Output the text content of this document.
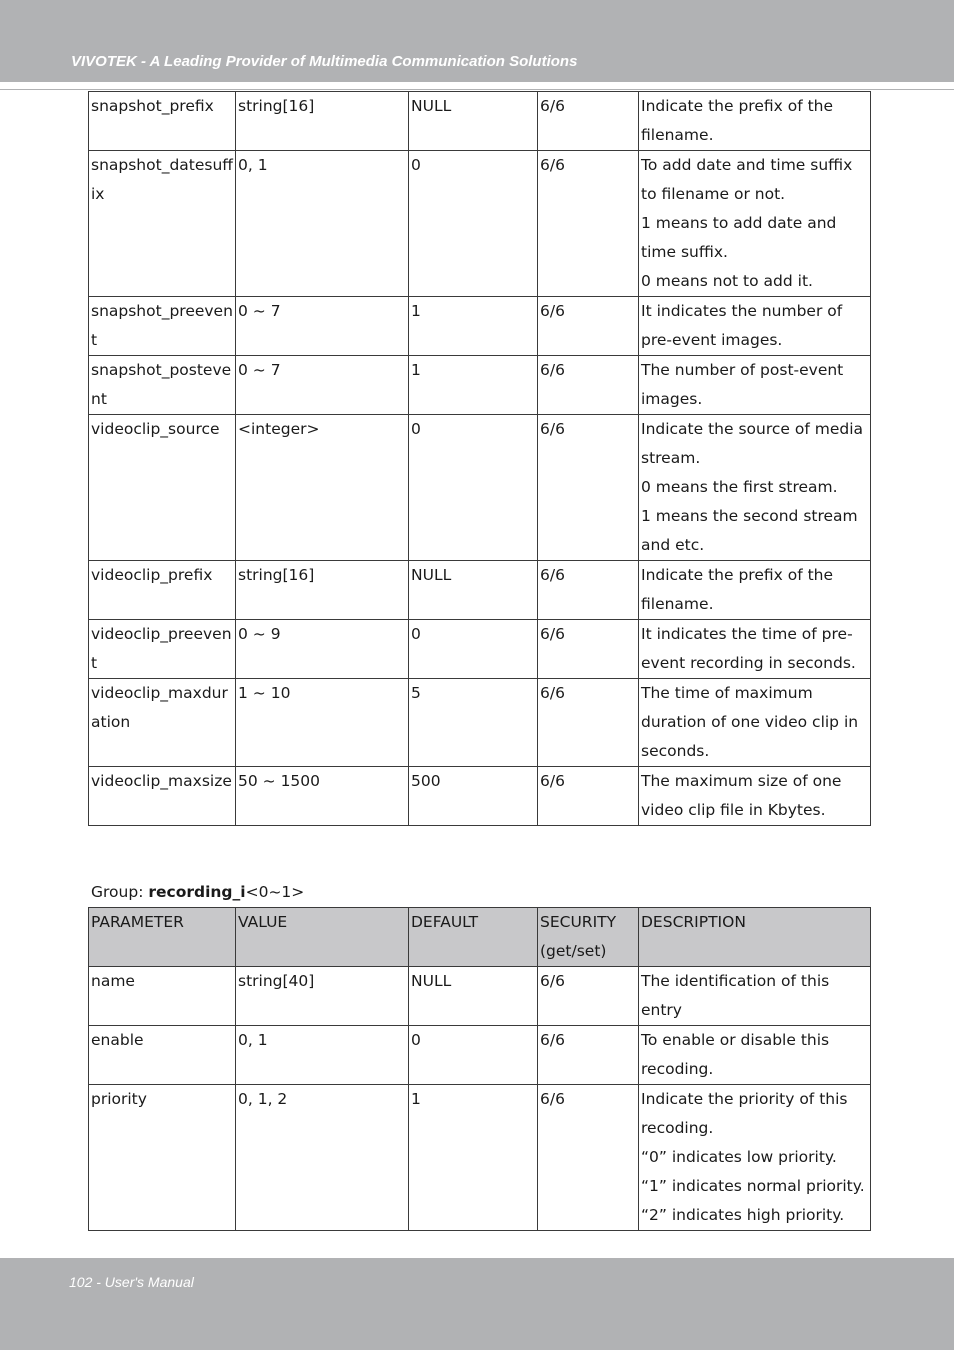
VIVOTEK - A Leading Provider of Multimedia Communication Solutions
snapshot_prefix	string[16]	NULL	6/6	Indicate the prefix of the filename.

snapshot_datesuffix	0, 1	0	6/6	To add date and time suffix to filename or not.
1 means to add date and time suffix.
0 means not to add it.

snapshot_preevent	0 ~ 7	1	6/6	It indicates the number of pre-event images.

snapshot_postevent	0 ~ 7	1	6/6	The number of post-event images.

videoclip_source	<integer>	0	6/6	Indicate the source of media stream.
0 means the first stream.
1 means the second stream and etc.

videoclip_prefix	string[16]	NULL	6/6	Indicate the prefix of the filename.

videoclip_preevent	0 ~ 9	0	6/6	It indicates the time of pre-event recording in seconds.

videoclip_maxduration	1 ~ 10	5	6/6	The time of maximum duration of one video clip in seconds.

videoclip_maxsize	50 ~ 1500	500	6/6	The maximum size of one video clip file in Kbytes.
Group: recording_i<0~1>
PARAMETER	VALUE	DEFAULT	SECURITY (get/set)	DESCRIPTION
name	string[40]	NULL	6/6	The identification of this entry

enable	0, 1	0	6/6	To enable or disable this recoding.

priority	0, 1, 2	1	6/6	Indicate the priority of this recoding.
“0” indicates low priority.
“1” indicates normal priority.
“2” indicates high priority.
102 - User's Manual
